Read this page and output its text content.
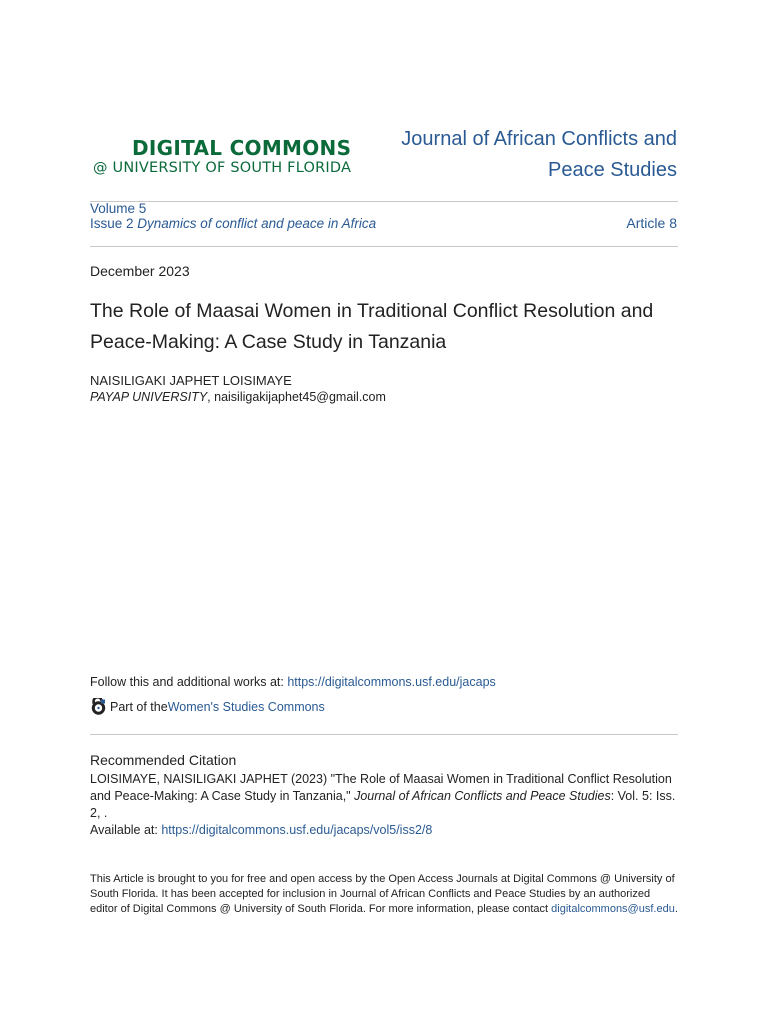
DIGITAL COMMONS
@ UNIVERSITY OF SOUTH FLORIDA
Journal of African Conflicts and Peace Studies
Volume 5
Issue 2 Dynamics of conflict and peace in Africa	Article 8
December 2023
The Role of Maasai Women in Traditional Conflict Resolution and Peace-Making: A Case Study in Tanzania
NAISILIGAKI JAPHET LOISIMAYE
PAYAP UNIVERSITY, naisiligakijaphet45@gmail.com
Follow this and additional works at: https://digitalcommons.usf.edu/jacaps
Part of the Women's Studies Commons
Recommended Citation
LOISIMAYE, NAISILIGAKI JAPHET (2023) "The Role of Maasai Women in Traditional Conflict Resolution and Peace-Making: A Case Study in Tanzania," Journal of African Conflicts and Peace Studies: Vol. 5: Iss. 2, .
Available at: https://digitalcommons.usf.edu/jacaps/vol5/iss2/8
This Article is brought to you for free and open access by the Open Access Journals at Digital Commons @ University of South Florida. It has been accepted for inclusion in Journal of African Conflicts and Peace Studies by an authorized editor of Digital Commons @ University of South Florida. For more information, please contact digitalcommons@usf.edu.
